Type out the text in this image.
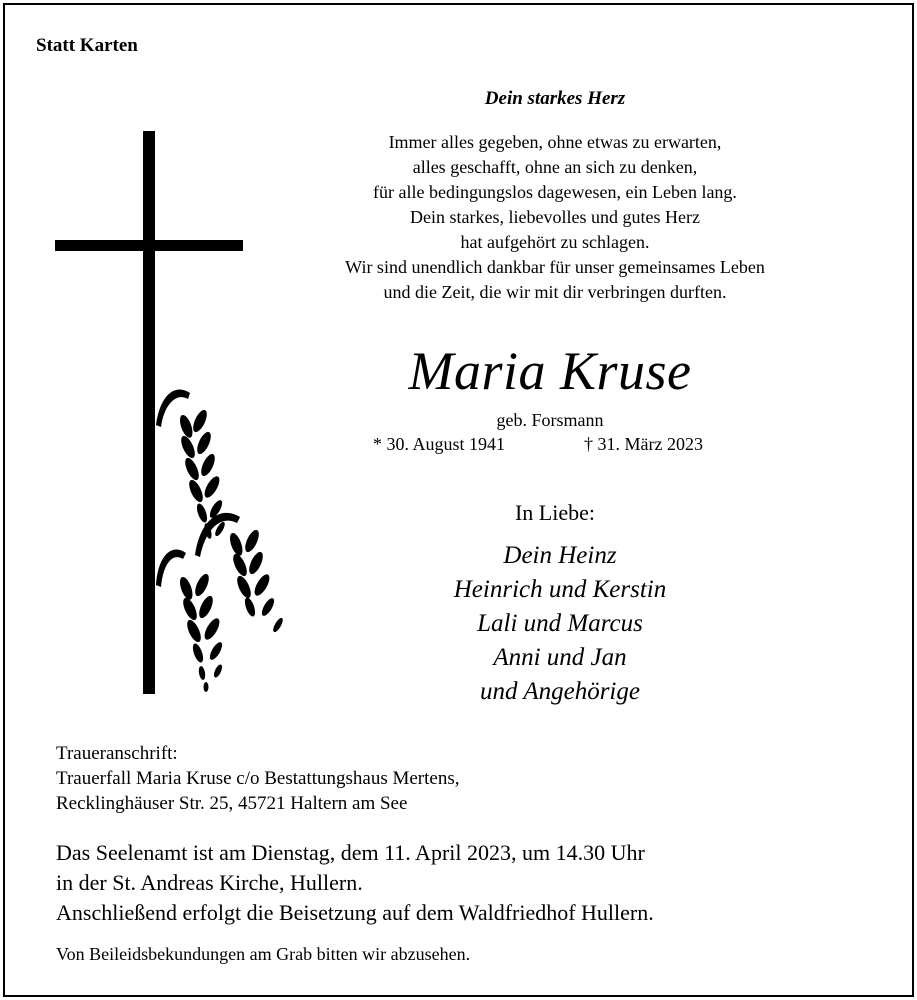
Statt Karten
Dein starkes Herz
Immer alles gegeben, ohne etwas zu erwarten,
alles geschafft, ohne an sich zu denken,
für alle bedingungslos dagewesen, ein Leben lang.
Dein starkes, liebevolles und gutes Herz
hat aufgehört zu schlagen.
Wir sind unendlich dankbar für unser gemeinsames Leben
und die Zeit, die wir mit dir verbringen durften.
Maria Kruse
geb. Forsmann
* 30. August 1941	† 31. März 2023
In Liebe:
Dein Heinz
Heinrich und Kerstin
Lali und Marcus
Anni und Jan
und Angehörige
Traueranschrift:
Trauerfall Maria Kruse c/o Bestattungshaus Mertens,
Recklinghäuser Str. 25, 45721 Haltern am See
Das Seelenamt ist am Dienstag, dem 11. April 2023, um 14.30 Uhr
in der St. Andreas Kirche, Hullern.
Anschließend erfolgt die Beisetzung auf dem Waldfriedhof Hullern.
Von Beileidsbekundungen am Grab bitten wir abzusehen.
